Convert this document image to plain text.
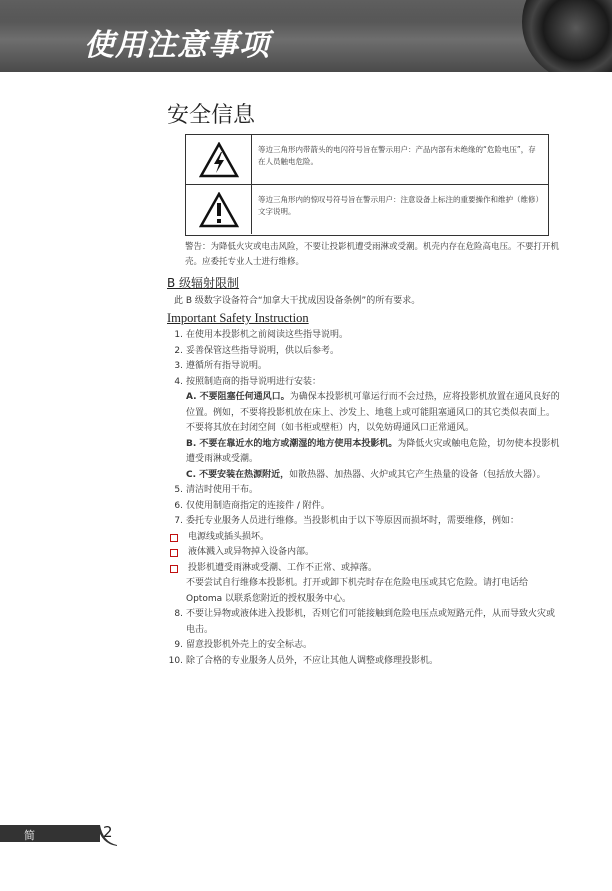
使用注意事项
安全信息
等边三角形内带箭头的电闪符号旨在警示用户：产品内部有未绝缘的“危险电压”，存在人员触电危险。
等边三角形内的惊叹号符号旨在警示用户：注意设备上标注的重要操作和维护（维修）文字说明。
警告：为降低火灾或电击风险，不要让投影机遭受雨淋或受潮。机壳内存在危险高电压。不要打开机壳。应委托专业人士进行维修。
B 级辐射限制
此 B 级数字设备符合“加拿大干扰成因设备条例”的所有要求。
Important Safety Instruction
1. 在使用本投影机之前阅读这些指导说明。
2. 妥善保管这些指导说明，供以后参考。
3. 遵循所有指导说明。
4. 按照制造商的指导说明进行安装：
A. 不要阻塞任何通风口。为确保本投影机可靠运行而不会过热，应将投影机放置在通风良好的位置。例如，不要将投影机放在床上、沙发上、地毯上或可能阻塞通风口的其它类似表面上。不要将其放在封闭空间（如书柜或壁柜）内，以免妨碍通风口正常通风。
B. 不要在靠近水的地方或潮湿的地方使用本投影机。为降低火灾或触电危险，切勿使本投影机遭受雨淋或受潮。
C. 不要安装在热源附近，如散热器、加热器、火炉或其它产生热量的设备（包括放大器）。
5. 清洁时使用干布。
6. 仅使用制造商指定的连接件 / 附件。
7. 委托专业服务人员进行维修。当投影机由于以下等原因而损坏时，需要维修，例如：
电源线或插头损坏。
液体溅入或异物掉入设备内部。
投影机遭受雨淋或受潮、工作不正常、或掉落。
不要尝试自行维修本投影机。打开或卸下机壳时存在危险电压或其它危险。请打电话给 Optoma 以联系您附近的授权服务中心。
8. 不要让异物或液体进入投影机，否则它们可能接触到危险电压点或短路元件，从而导致火灾或电击。
9. 留意投影机外壳上的安全标志。
10. 除了合格的专业服务人员外，不应让其他人调整或修理投影机。
简体中文
2
